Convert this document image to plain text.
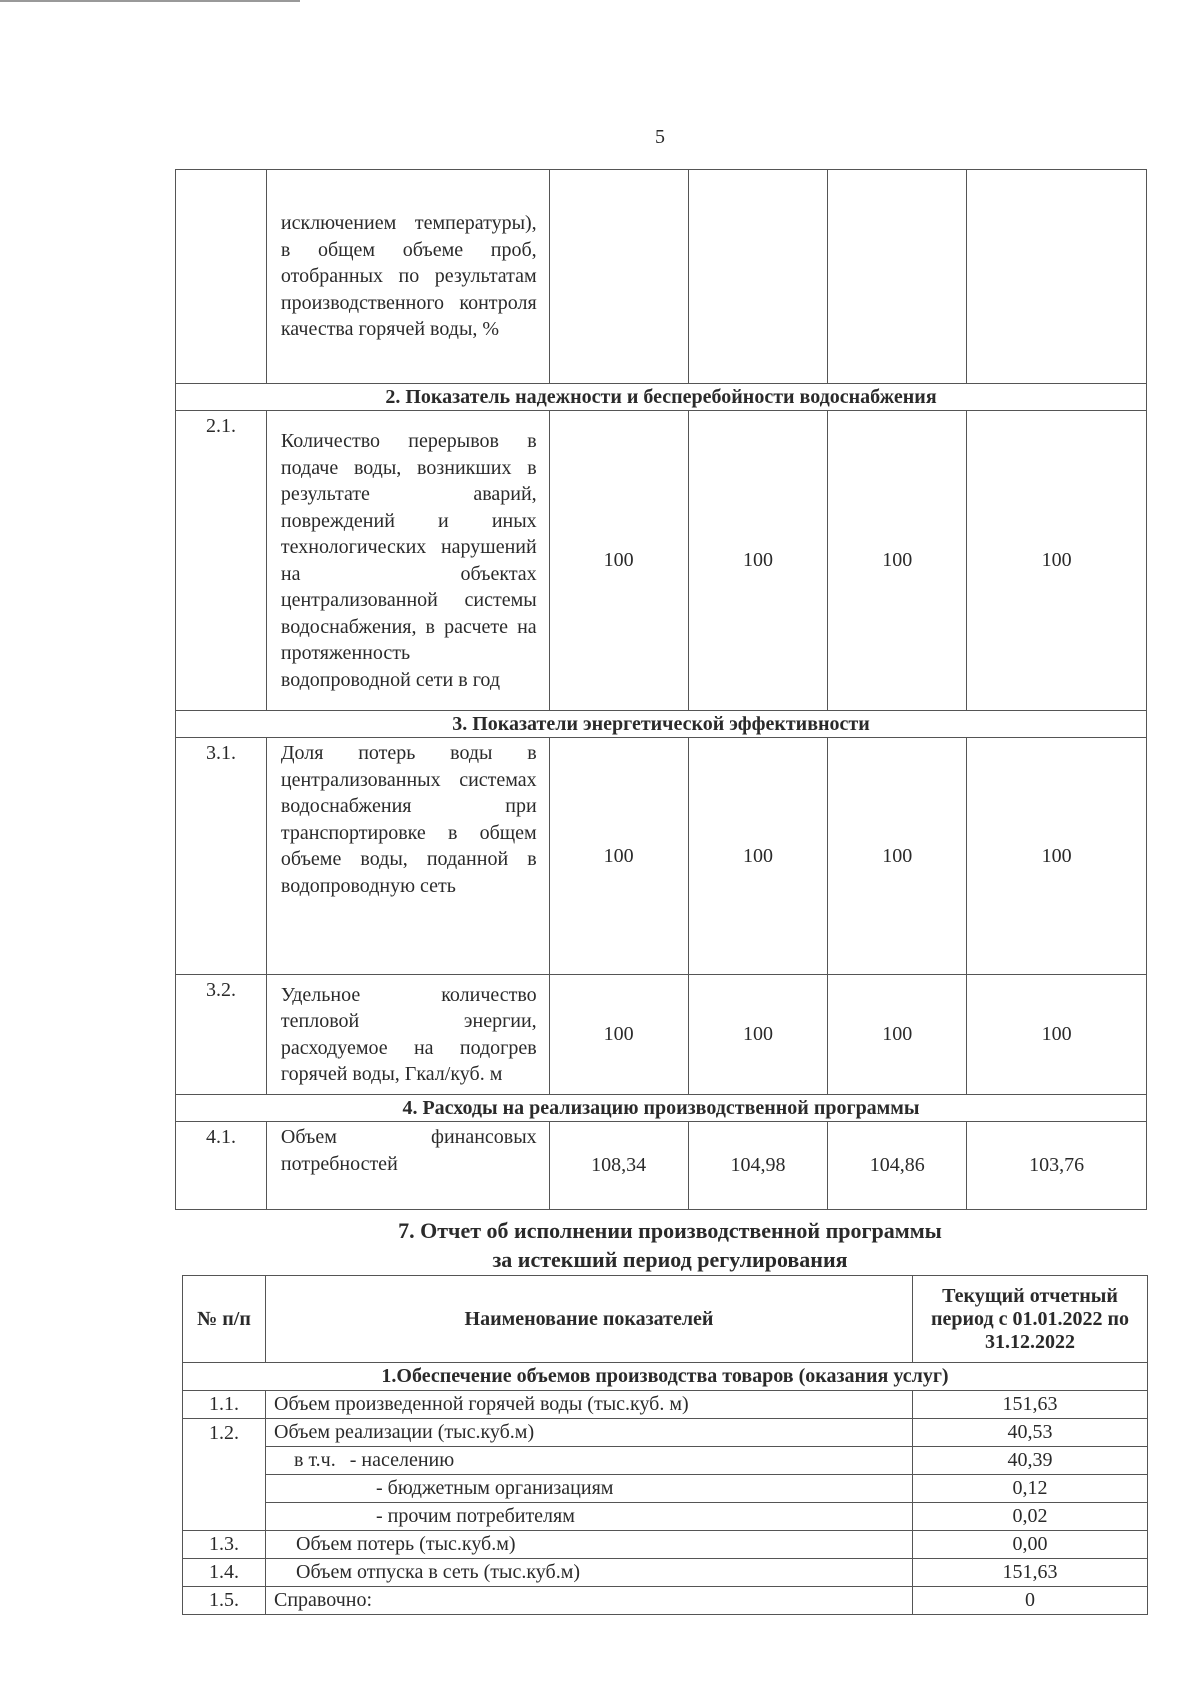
5
	исключением температуры), в общем объеме проб, отобранных по результатам производственного контроля качества горячей воды, %				
2. Показатель надежности и бесперебойности водоснабжения					
2.1.	Количество перерывов в подаче воды, возникших в результате аварий, повреждений и иных технологических нарушений на объектах централизованной системы водоснабжения, в расчете на протяженность водопроводной сети в год	100	100	100	100
3. Показатели энергетической эффективности					
3.1.	Доля потерь воды в централизованных системах водоснабжения при транспортировке в общем объеме воды, поданной в водопроводную сеть	100	100	100	100
3.2.	Удельное количество тепловой энергии, расходуемое на подогрев горячей воды, Гкал/куб. м	100	100	100	100
4. Расходы на реализацию производственной программы					
4.1.	Объем финансовых потребностей	108,34	104,98	104,86	103,76
7. Отчет об исполнении производственной программы
за истекший период регулирования
№ п/п	Наименование показателей	Текущий отчетный период с 01.01.2022 по 31.12.2022
1.Обеспечение объемов производства товаров (оказания услуг)		
1.1.	Объем произведенной горячей воды (тыс.куб. м)	151,63
1.2.	Объем реализации (тыс.куб.м)	40,53
	в т.ч. - населению	40,39
	- бюджетным организациям	0,12
	- прочим потребителям	0,02
1.3.	Объем потерь (тыс.куб.м)	0,00
1.4.	Объем отпуска в сеть (тыс.куб.м)	151,63
1.5.	Справочно:	0
